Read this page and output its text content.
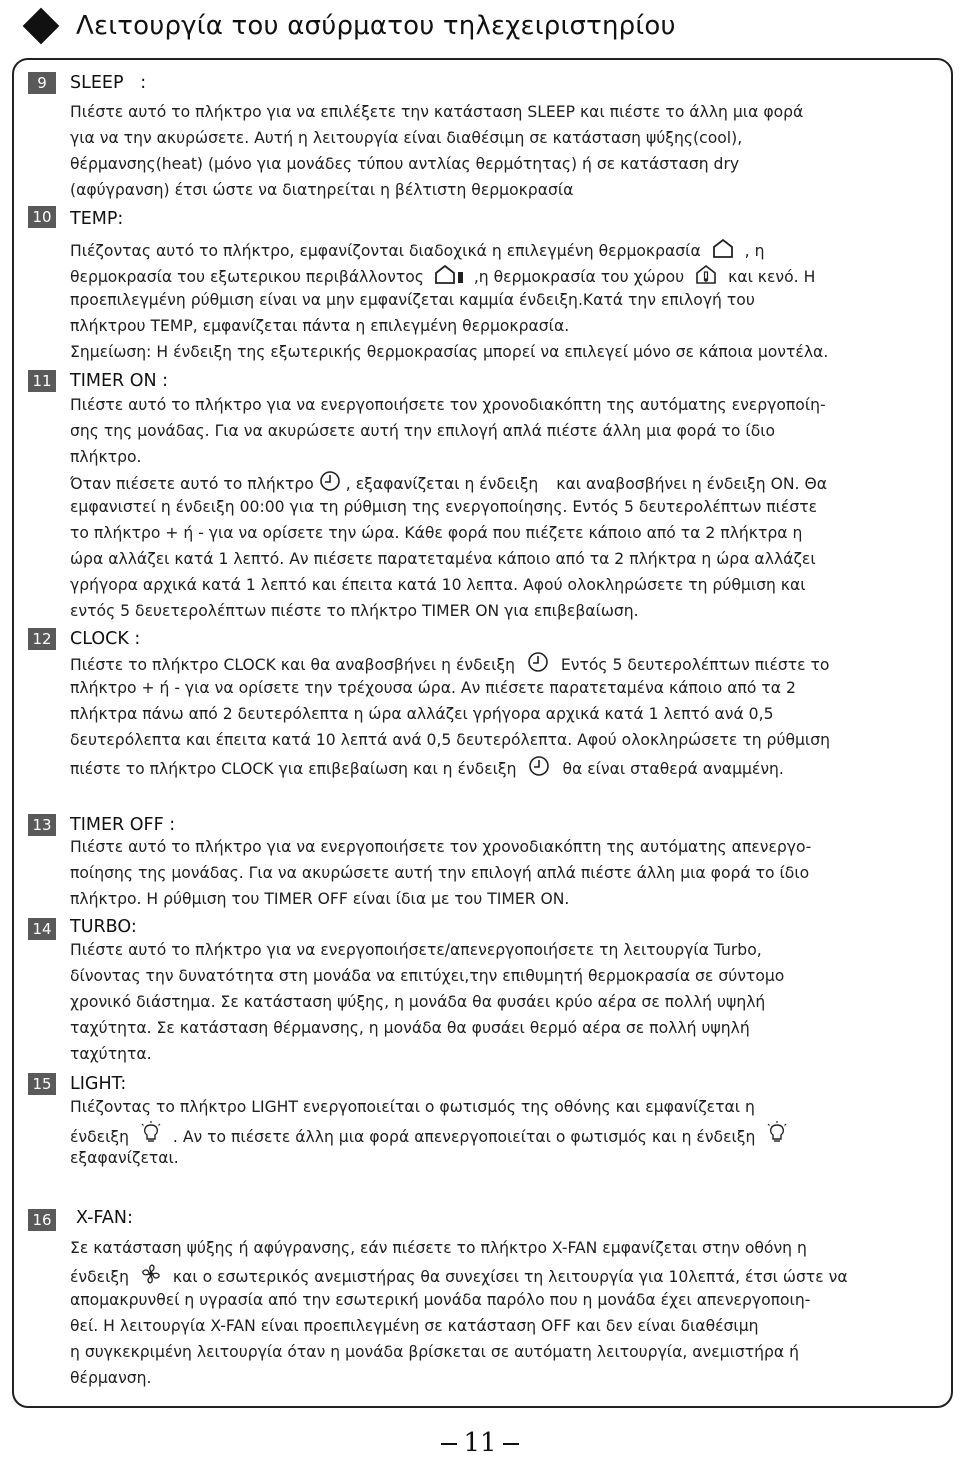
Λειτουργία του ασύρματου τηλεχειριστηρίου
9	SLEEP   :
Πιέστε αυτό το πλήκτρο για να επιλέξετε την κατάσταση SLEEP και πιέστε το άλλη μια φορά
για να την ακυρώσετε. Αυτή η λειτουργία είναι διαθέσιμη σε κατάσταση ψύξης(cool),
θέρμανσης(heat) (μόνο για μονάδες τύπου αντλίας θερμότητας) ή σε κατάσταση dry
(αφύγρανση) έτσι ώστε να διατηρείται η βέλτιστη θερμοκρασία
10 TEMP:
Πιέζοντας αυτό το πλήκτρο, εμφανίζονται διαδοχικά η επιλεγμένη θερμοκρασία	, η
θερμοκρασία του εξωτερικου περιβάλλοντος	,η θερμοκρασία του χώρου	και κενό. Η
προεπιλεγμένη ρύθμιση είναι να μην εμφανίζεται καμμία ένδειξη.Κατά την επιλογή του
πλήκτρου TEMP, εμφανίζεται πάντα η επιλεγμένη θερμοκρασία.
Σημείωση: Η ένδειξη της εξωτερικής θερμοκρασίας μπορεί να επιλεγεί μόνο σε κάποια μοντέλα.
11 TIMER ON :
Πιέστε αυτό το πλήκτρο για να ενεργοποιήσετε τον χρονοδιακόπτη της αυτόματης ενεργοποίη-
σης της μονάδας. Για να ακυρώσετε αυτή την επιλογή απλά πιέστε άλλη μια φορά το ίδιο
πλήκτρο.
Όταν πιέσετε αυτό το πλήκτρο , εξαφανίζεται η ένδειξη και αναβοσβήνει η ένδειξη ON. Θα
εμφανιστεί η ένδειξη 00:00 για τη ρύθμιση της ενεργοποίησης. Εντός 5 δευτερολέπτων πιέστε
το πλήκτρο + ή - για να ορίσετε την ώρα. Κάθε φορά που πιέζετε κάποιο από τα 2 πλήκτρα η
ώρα αλλάζει κατά 1 λεπτό. Αν πιέσετε παρατεταμένα κάποιο από τα 2 πλήκτρα η ώρα αλλάζει
γρήγορα αρχικά κατά 1 λεπτό και έπειτα κατά 10 λεπτα. Αφού ολοκληρώσετε τη ρύθμιση και
εντός 5 δευετερολέπτων πιέστε το πλήκτρο TIMER ON για επιβεβαίωση.
12 CLOCK :
Πιέστε το πλήκτρο CLOCK και θα αναβοσβήνει η ένδειξη	Εντός 5 δευτερολέπτων πιέστε το
πλήκτρο + ή - για να ορίσετε την τρέχουσα ώρα. Αν πιέσετε παρατεταμένα κάποιο από τα 2
πλήκτρα πάνω από 2 δευτερόλεπτα η ώρα αλλάζει γρήγορα αρχικά κατά 1 λεπτό ανά 0,5
δευτερόλεπτα και έπειτα κατά 10 λεπτά ανά 0,5 δευτερόλεπτα. Αφού ολοκληρώσετε τη ρύθμιση
πιέστε το πλήκτρο CLOCK για επιβεβαίωση και η ένδειξη	θα είναι σταθερά αναμμένη.
13 TIMER OFF :
Πιέστε αυτό το πλήκτρο για να ενεργοποιήσετε τον χρονοδιακόπτη της αυτόματης απενεργο-
ποίησης της μονάδας. Για να ακυρώσετε αυτή την επιλογή απλά πιέστε άλλη μια φορά το ίδιο
πλήκτρο. Η ρύθμιση του TIMER OFF είναι ίδια με του TIMER ON.
14 TURBO:
Πιέστε αυτό το πλήκτρο για να ενεργοποιήσετε/απενεργοποιήσετε τη λειτουργία Turbo,
δίνοντας την δυνατότητα στη μονάδα να επιτύχει,την επιθυμητή θερμοκρασία σε σύντομο
χρονικό διάστημα. Σε κατάσταση ψύξης, η μονάδα θα φυσάει κρύο αέρα σε πολλή υψηλή
ταχύτητα. Σε κατάσταση θέρμανσης, η μονάδα θα φυσάει θερμό αέρα σε πολλή υψηλή
ταχύτητα.
15 LIGHT:
Πιέζοντας το πλήκτρο LIGHT ενεργοποιείται ο φωτισμός της οθόνης και εμφανίζεται η
ένδειξη	. Αν το πιέσετε άλλη μια φορά απενεργοποιείται ο φωτισμός και η ένδειξη
εξαφανίζεται.
16 X-FAN:
Σε κατάσταση ψύξης ή αφύγρανσης, εάν πιέσετε το πλήκτρο X-FAN εμφανίζεται στην οθόνη η
ένδειξη	και ο εσωτερικός ανεμιστήρας θα συνεχίσει τη λειτουργία για 10λεπτά, έτσι ώστε να
απομακρυνθεί η υγρασία από την εσωτερική μονάδα παρόλο που η μονάδα έχει απενεργοποιη-
θεί. Η λειτουργία X-FAN είναι προεπιλεγμένη σε κατάσταση OFF και δεν είναι διαθέσιμη
η συγκεκριμένη λειτουργία όταν η μονάδα βρίσκεται σε αυτόματη λειτουργία, ανεμιστήρα ή
θέρμανση.
11
